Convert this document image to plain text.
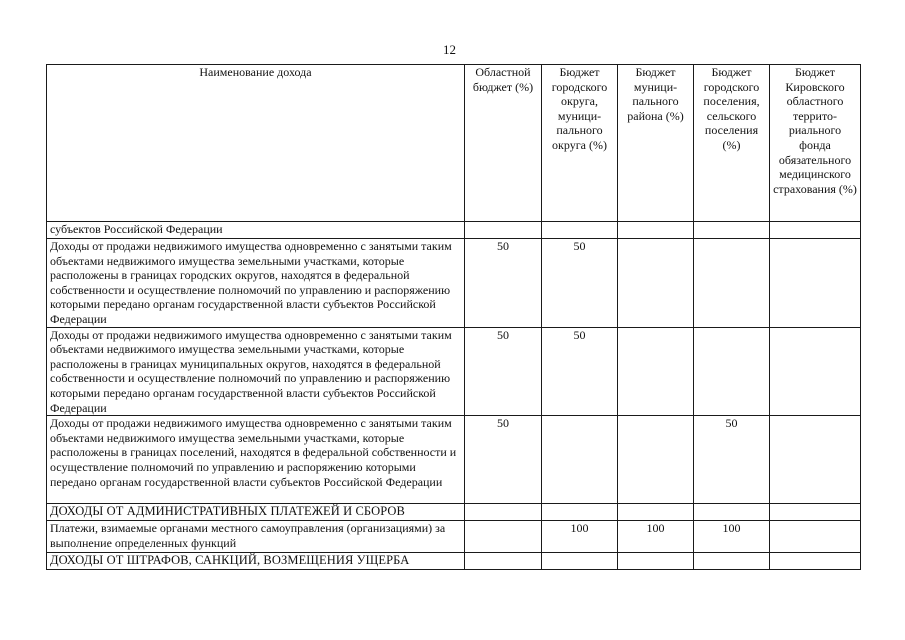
12
Наименование дохода	Областной бюджет (%)	Бюджет городского округа, муници-пального округа (%)	Бюджет муници-пального района (%)	Бюджет городского поселения, сельского поселения (%)	Бюджет Кировского областного террито-риального фонда обязательного медицинского страхования (%)
субъектов Российской Федерации					
Доходы от продажи недвижимого имущества одновременно с занятыми таким объектами недвижимого имущества земельными участками, которые расположены в границах городских округов, находятся в федеральной собственности и осуществление полномочий по управлению и распоряжению которыми передано органам государственной власти субъектов Российской Федерации	50	50			
Доходы от продажи недвижимого имущества одновременно с занятыми таким объектами недвижимого имущества земельными участками, которые расположены в границах муниципальных округов, находятся в федеральной собственности и осуществление полномочий по управлению и распоряжению которыми передано органам государственной власти субъектов Российской Федерации	50	50			
Доходы от продажи недвижимого имущества одновременно с занятыми таким объектами недвижимого имущества земельными участками, которые расположены в границах поселений, находятся в федеральной собственности и осуществление полномочий по управлению и распоряжению которыми передано органам государственной власти субъектов Российской Федерации	50			50	
ДОХОДЫ ОТ АДМИНИСТРАТИВНЫХ ПЛАТЕЖЕЙ И СБОРОВ					
Платежи, взимаемые органами местного самоуправления (организациями) за выполнение определенных функций		100	100	100	
ДОХОДЫ ОТ ШТРАФОВ, САНКЦИЙ, ВОЗМЕЩЕНИЯ УЩЕРБА					
